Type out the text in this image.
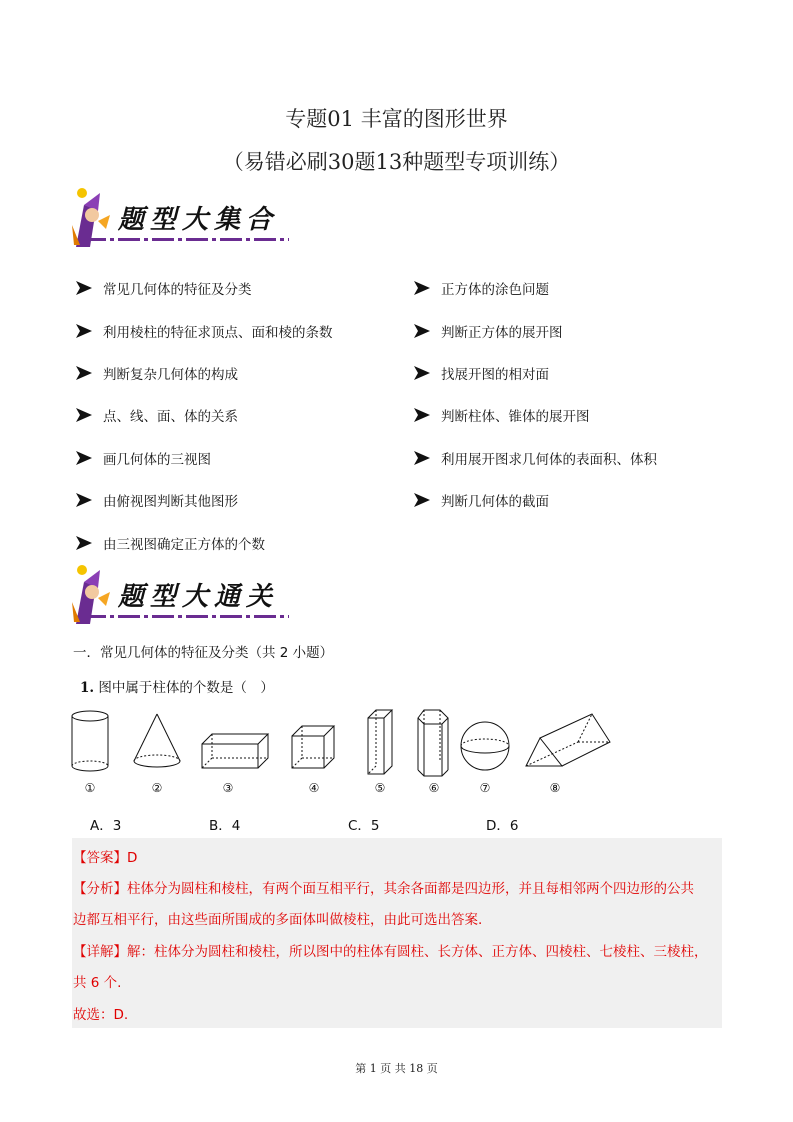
专题01 丰富的图形世界
（易错必刷30题13种题型专项训练）
题型大集合
常见几何体的特征及分类
利用棱柱的特征求顶点、面和棱的条数
判断复杂几何体的构成
点、线、面、体的关系
画几何体的三视图
由俯视图判断其他图形
由三视图确定正方体的个数
正方体的涂色问题
判断正方体的展开图
找展开图的相对面
判断柱体、锥体的展开图
利用展开图求几何体的表面积、体积
判断几何体的截面
题型大通关
一．常见几何体的特征及分类（共 2 小题）
1. 图中属于柱体的个数是（　）
①	②	③	④	⑤	⑥	⑦	⑧
A．3	B．4	C．5	D．6
【答案】D
【分析】柱体分为圆柱和棱柱，有两个面互相平行，其余各面都是四边形，并且每相邻两个四边形的公共
边都互相平行，由这些面所围成的多面体叫做棱柱，由此可选出答案.
【详解】解：柱体分为圆柱和棱柱，所以图中的柱体有圆柱、长方体、正方体、四棱柱、七棱柱、三棱柱，
共 6 个.
故选：D.
第 1 页 共 18 页
